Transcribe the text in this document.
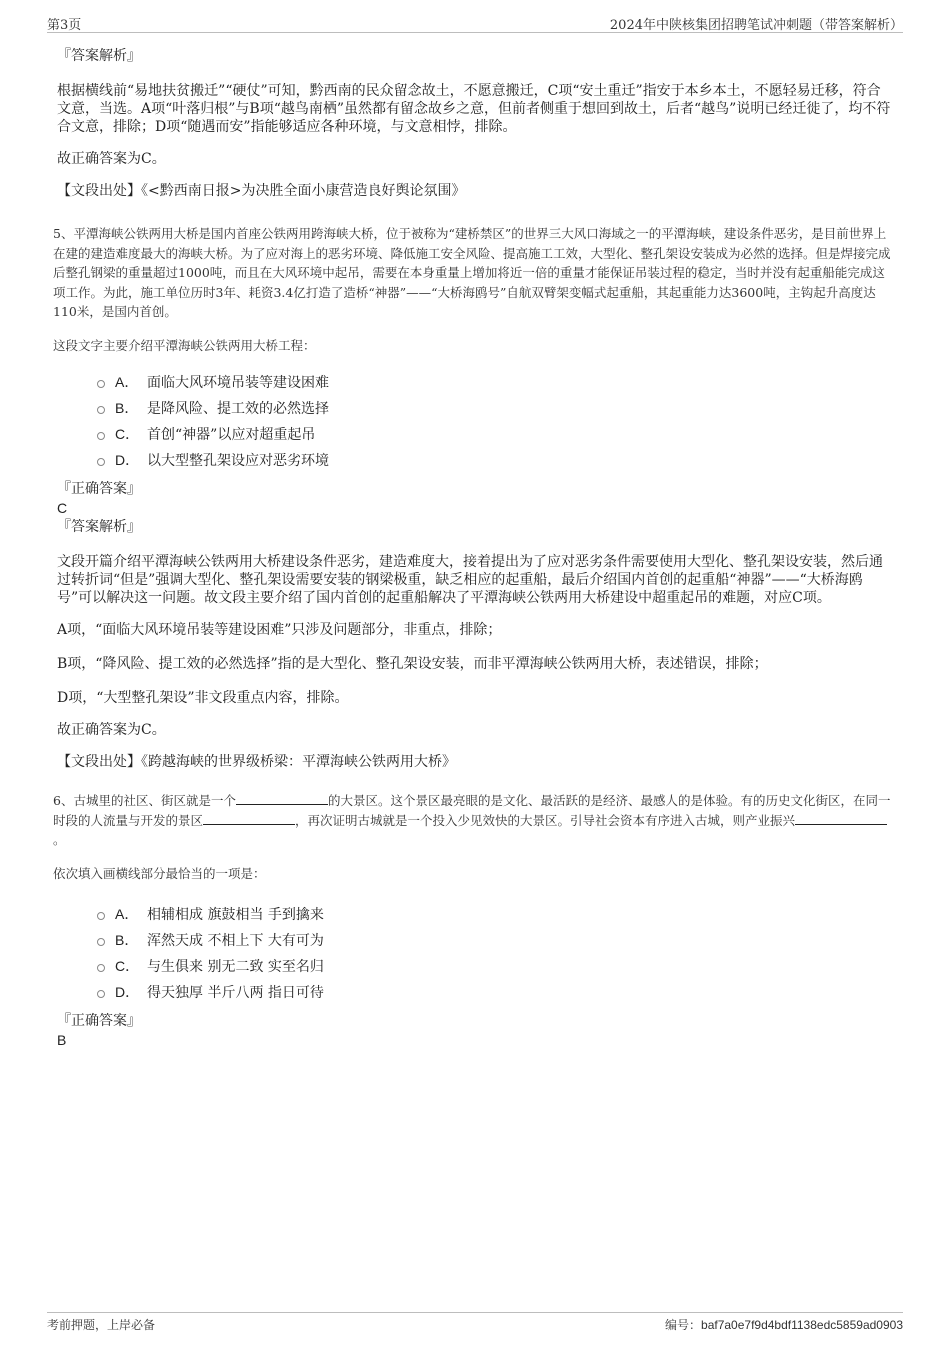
第3页	2024年中陕核集团招聘笔试冲刺题（带答案解析）
『答案解析』

根据横线前“易地扶贫搬迁”“硬仗”可知，黔西南的民众留念故土，不愿意搬迁，C项“安土重迁”指安于本乡本土，不愿轻易迁移，符合文意，当选。A项“叶落归根”与B项“越鸟南栖”虽然都有留念故乡之意，但前者侧重于想回到故土，后者“越鸟”说明已经迁徙了，均不符合文意，排除；D项“随遇而安”指能够适应各种环境，与文意相悖，排除。

故正确答案为C。

【文段出处】《<黔西南日报>为决胜全面小康营造良好舆论氛围》

5、平潭海峡公铁两用大桥是国内首座公铁两用跨海峡大桥，位于被称为“建桥禁区”的世界三大风口海域之一的平潭海峡，建设条件恶劣，是目前世界上在建的建造难度最大的海峡大桥。为了应对海上的恶劣环境、降低施工安全风险、提高施工工效，大型化、整孔架设安装成为必然的选择。但是焊接完成后整孔钢梁的重量超过1000吨，而且在大风环境中起吊，需要在本身重量上增加将近一倍的重量才能保证吊装过程的稳定，当时并没有起重船能完成这项工作。为此，施工单位历时3年、耗资3.4亿打造了造桥“神器”——“大桥海鸥号”自航双臂架变幅式起重船，其起重能力达3600吨，主钩起升高度达110米，是国内首创。

这段文字主要介绍平潭海峡公铁两用大桥工程：

A． 面临大风环境吊装等建设困难
B． 是降风险、提工效的必然选择
C． 首创“神器”以应对超重起吊
D． 以大型整孔架设应对恶劣环境
『正确答案』
C
『答案解析』

文段开篇介绍平潭海峡公铁两用大桥建设条件恶劣，建造难度大，接着提出为了应对恶劣条件需要使用大型化、整孔架设安装，然后通过转折词“但是”强调大型化、整孔架设需要安装的钢梁极重，缺乏相应的起重船，最后介绍国内首创的起重船“神器”——“大桥海鸥号”可以解决这一问题。故文段主要介绍了国内首创的起重船解决了平潭海峡公铁两用大桥建设中超重起吊的难题，对应C项。

A项，“面临大风环境吊装等建设困难”只涉及问题部分，非重点，排除；

B项，“降风险、提工效的必然选择”指的是大型化、整孔架设安装，而非平潭海峡公铁两用大桥，表述错误，排除；

D项，“大型整孔架设”非文段重点内容，排除。

故正确答案为C。

【文段出处】《跨越海峡的世界级桥梁：平潭海峡公铁两用大桥》

6、古城里的社区、街区就是一个	的大景区。这个景区最亮眼的是文化、最活跃的是经济、最感人的是体验。有的历史文化街区，在同一时段的人流量与开发的景区	，再次证明古城就是一个投入少见效快的大景区。引导社会资本有序进入古城，则产业振兴。

依次填入画横线部分最恰当的一项是：

A． 相辅相成 旗鼓相当 手到擒来
B． 浑然天成 不相上下 大有可为
C． 与生俱来 别无二致 实至名归
D． 得天独厚 半斤八两 指日可待
『正确答案』
B
考前押题，上岸必备	编号：baf7a0e7f9d4bdf1138edc5859ad0903
